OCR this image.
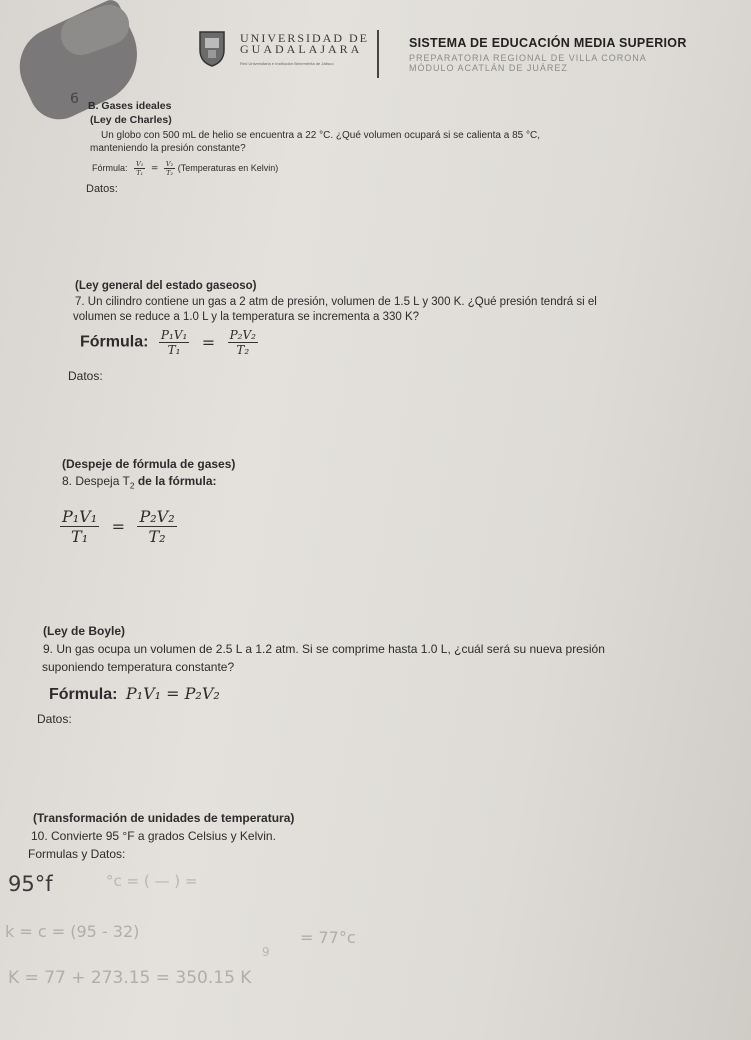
UNIVERSIDAD DE
GUADALAJARA
Red Universitaria e Institución Benemérita de Jalisco
SISTEMA DE EDUCACIÓN MEDIA SUPERIOR
PREPARATORIA REGIONAL DE VILLA CORONA
MÓDULO ACATLÁN DE JUÁREZ
6 B. Gases ideales
(Ley de Charles)
Un globo con 500 mL de helio se encuentra a 22 °C. ¿Qué volumen ocupará si se calienta a 85 °C,
manteniendo la presión constante?
Fórmula: $\frac{\text{V₁}}{\text{T₁}} = \frac{\text{V₂}}{\text{T₂}}$ (Temperaturas en Kelvin)
Datos:
(Ley general del estado gaseoso)
7. Un cilindro contiene un gas a 2 atm de presión, volumen de 1.5 L y 300 K. ¿Qué presión tendrá si el
volumen se reduce a 1.0 L y la temperatura se incrementa a 330 K?
Fórmula: $\frac{\text{P₁V₁}}{\text{T₁}} = \frac{\text{P₂V₂}}{\text{T₂}}$
Datos:
(Despeje de fórmula de gases)
8. Despeja $T_2$ de la fórmula:
$\frac{\text{P₁V₁}}{\text{T₁}} = \frac{\text{P₂V₂}}{\text{T₂}}$
(Ley de Boyle)
9. Un gas ocupa un volumen de 2.5 L a 1.2 atm. Si se comprime hasta 1.0 L, ¿cuál será su nueva presión
suponiendo temperatura constante?
Fórmula: P₁V₁ = P₂V₂
Datos:
(Transformación de unidades de temperatura)
10. Convierte 95 °F a grados Celsius y Kelvin.
Formulas y Datos:
95°f	°c = ( — ) =
k = c = (95 - 32)	= 77°c
9
K = 77 + 273.15 = 350.15 K
